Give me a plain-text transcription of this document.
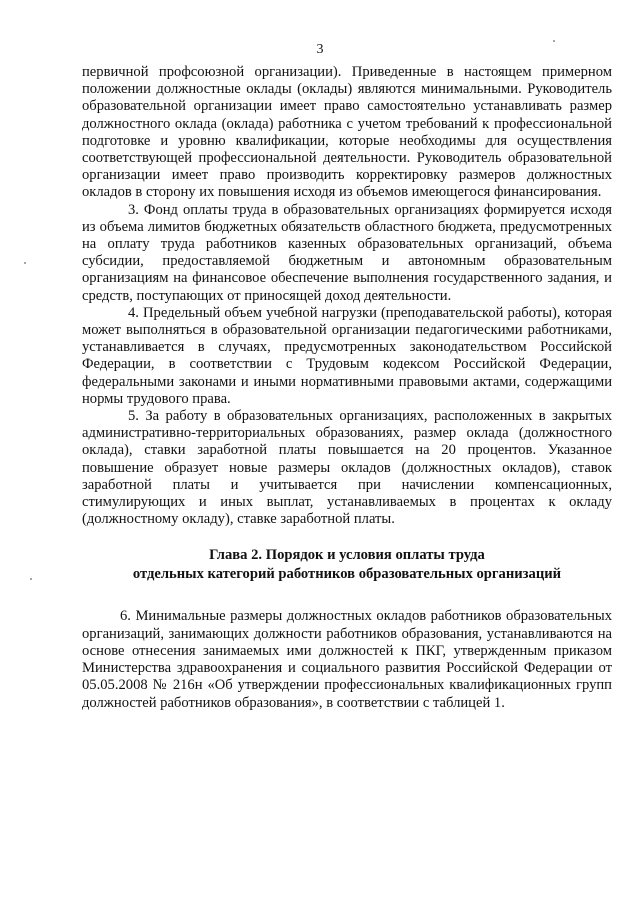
3

первичной профсоюзной организации). Приведенные в настоящем примерном положении должностные оклады (оклады) являются минимальными. Руководитель образовательной организации имеет право самостоятельно устанавливать размер должностного оклада (оклада) работника с учетом требований к профессиональной подготовке и уровню квалификации, которые необходимы для осуществления соответствующей профессиональной деятельности. Руководитель образовательной организации имеет право производить корректировку размеров должностных окладов в сторону их повышения исходя из объемов имеющегося финансирования.

3. Фонд оплаты труда в образовательных организациях формируется исходя из объема лимитов бюджетных обязательств областного бюджета, предусмотренных на оплату труда работников казенных образовательных организаций, объема субсидии, предоставляемой бюджетным и автономным образовательным организациям на финансовое обеспечение выполнения государственного задания, и средств, поступающих от приносящей доход деятельности.

4. Предельный объем учебной нагрузки (преподавательской работы), которая может выполняться в образовательной организации педагогическими работниками, устанавливается в случаях, предусмотренных законодательством Российской Федерации, в соответствии с Трудовым кодексом Российской Федерации, федеральными законами и иными нормативными правовыми актами, содержащими нормы трудового права.

5. За работу в образовательных организациях, расположенных в закрытых административно-территориальных образованиях, размер оклада (должностного оклада), ставки заработной платы повышается на 20 процентов. Указанное повышение образует новые размеры окладов (должностных окладов), ставок заработной платы и учитывается при начислении компенсационных, стимулирующих и иных выплат, устанавливаемых в процентах к окладу (должностному окладу), ставке заработной платы.

Глава 2. Порядок и условия оплаты труда
отдельных категорий работников образовательных организаций

6. Минимальные размеры должностных окладов работников образовательных организаций, занимающих должности работников образования, устанавливаются на основе отнесения занимаемых ими должностей к ПКГ, утвержденным приказом Министерства здравоохранения и социального развития Российской Федерации от 05.05.2008 № 216н «Об утверждении профессиональных квалификационных групп должностей работников образования», в соответствии с таблицей 1.
